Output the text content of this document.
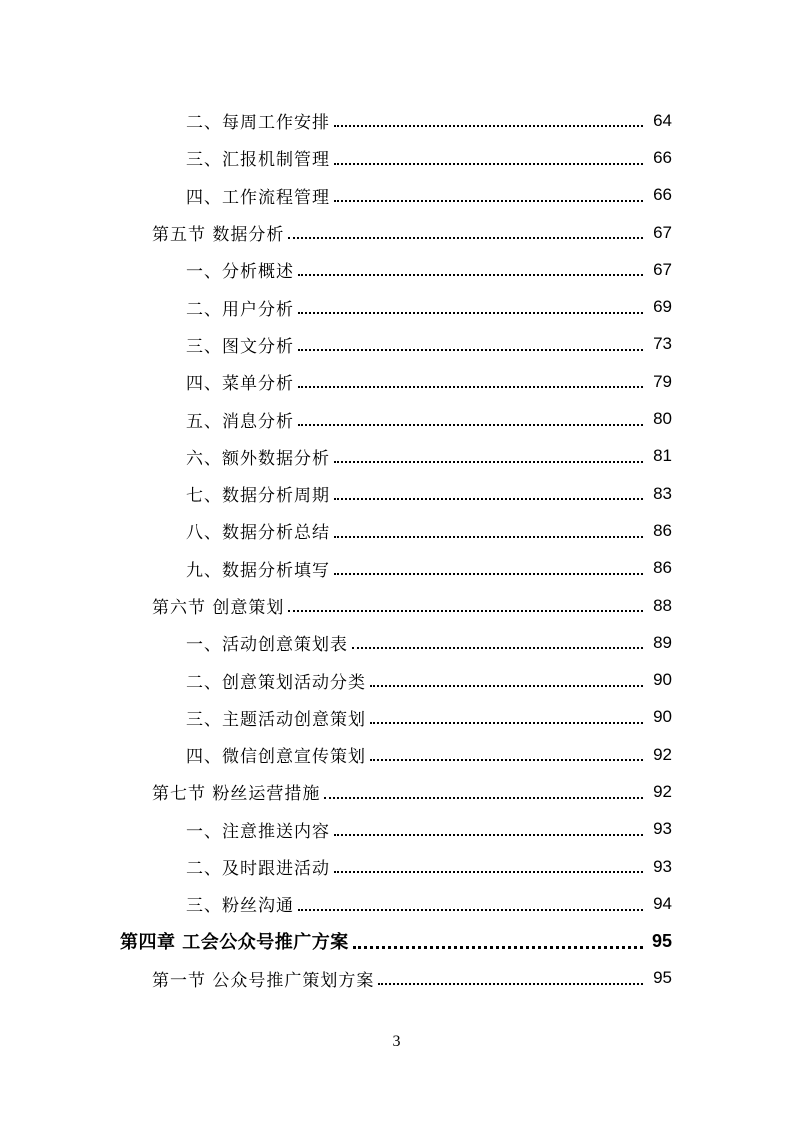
二、每周工作安排	64
三、汇报机制管理	66
四、工作流程管理	66
第五节 数据分析	67
一、分析概述	67
二、用户分析	69
三、图文分析	73
四、菜单分析	79
五、消息分析	80
六、额外数据分析	81
七、数据分析周期	83
八、数据分析总结	86
九、数据分析填写	86
第六节 创意策划	88
一、活动创意策划表	89
二、创意策划活动分类	90
三、主题活动创意策划	90
四、微信创意宣传策划	92
第七节 粉丝运营措施	92
一、注意推送内容	93
二、及时跟进活动	93
三、粉丝沟通	94
第四章 工会公众号推广方案	95
第一节 公众号推广策划方案	95
3
